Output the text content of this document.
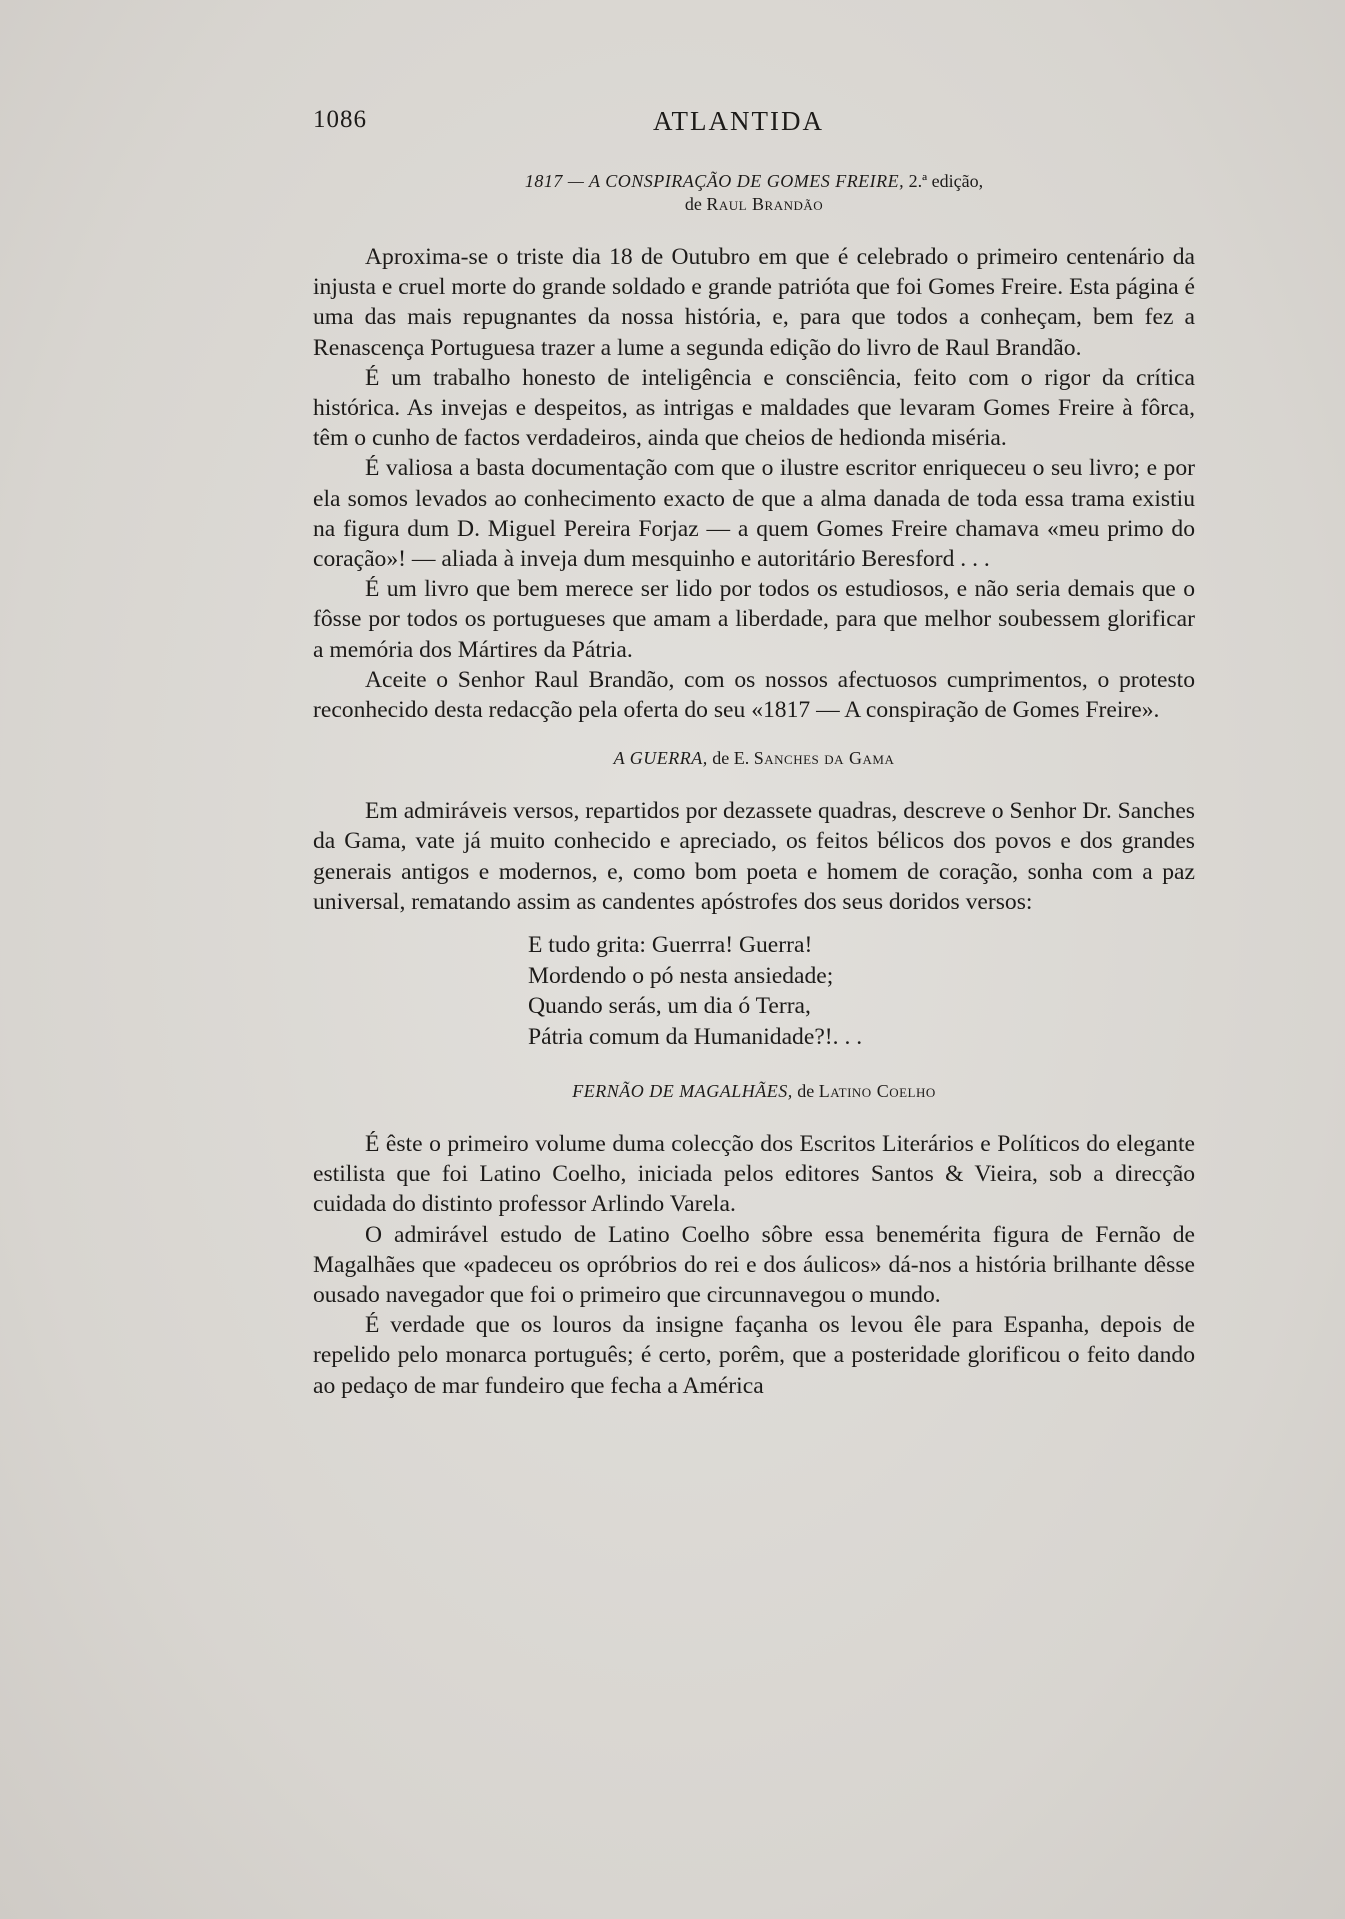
1086	ATLANTIDA
1817 — A CONSPIRAÇÃO DE GOMES FREIRE, 2.ª edição,
de Raul Brandão

Aproxima-se o triste dia 18 de Outubro em que é celebrado o primeiro centenário da injusta e cruel morte do grande soldado e grande patrióta que foi Gomes Freire. Esta página é uma das mais repugnantes da nossa história, e, para que todos a conheçam, bem fez a Renascença Portuguesa trazer a lume a segunda edição do livro de Raul Brandão.

É um trabalho honesto de inteligência e consciência, feito com o rigor da crítica histórica. As invejas e despeitos, as intrigas e maldades que levaram Gomes Freire à fôrca, têm o cunho de factos verdadeiros, ainda que cheios de hedionda miséria.

É valiosa a basta documentação com que o ilustre escritor enriqueceu o seu livro; e por ela somos levados ao conhecimento exacto de que a alma danada de toda essa trama existiu na figura dum D. Miguel Pereira Forjaz — a quem Gomes Freire chamava «meu primo do coração»! — aliada à inveja dum mesquinho e autoritário Beresford . . .

É um livro que bem merece ser lido por todos os estudiosos, e não seria demais que o fôsse por todos os portugueses que amam a liberdade, para que melhor soubessem glorificar a memória dos Mártires da Pátria.

Aceite o Senhor Raul Brandão, com os nossos afectuosos cumprimentos, o protesto reconhecido desta redacção pela oferta do seu «1817 — A conspiração de Gomes Freire».

A GUERRA, de E. Sanches da Gama

Em admiráveis versos, repartidos por dezassete quadras, descreve o Senhor Dr. Sanches da Gama, vate já muito conhecido e apreciado, os feitos bélicos dos povos e dos grandes generais antigos e modernos, e, como bom poeta e homem de coração, sonha com a paz universal, rematando assim as candentes apóstrofes dos seus doridos versos:

E tudo grita: Guerrra! Guerra!
Mordendo o pó nesta ansiedade;
Quando serás, um dia ó Terra,
Pátria comum da Humanidade?!. . .
FERNÃO DE MAGALHÃES, de Latino Coelho

É êste o primeiro volume duma colecção dos Escritos Literários e Políticos do elegante estilista que foi Latino Coelho, iniciada pelos editores Santos & Vieira, sob a direcção cuidada do distinto professor Arlindo Varela.

O admirável estudo de Latino Coelho sôbre essa benemérita figura de Fernão de Magalhães que «padeceu os opróbrios do rei e dos áulicos» dá-nos a história brilhante dêsse ousado navegador que foi o primeiro que circunnavegou o mundo.

É verdade que os louros da insigne façanha os levou êle para Espanha, depois de repelido pelo monarca português; é certo, porêm, que a posteridade glorificou o feito dando ao pedaço de mar fundeiro que fecha a América
